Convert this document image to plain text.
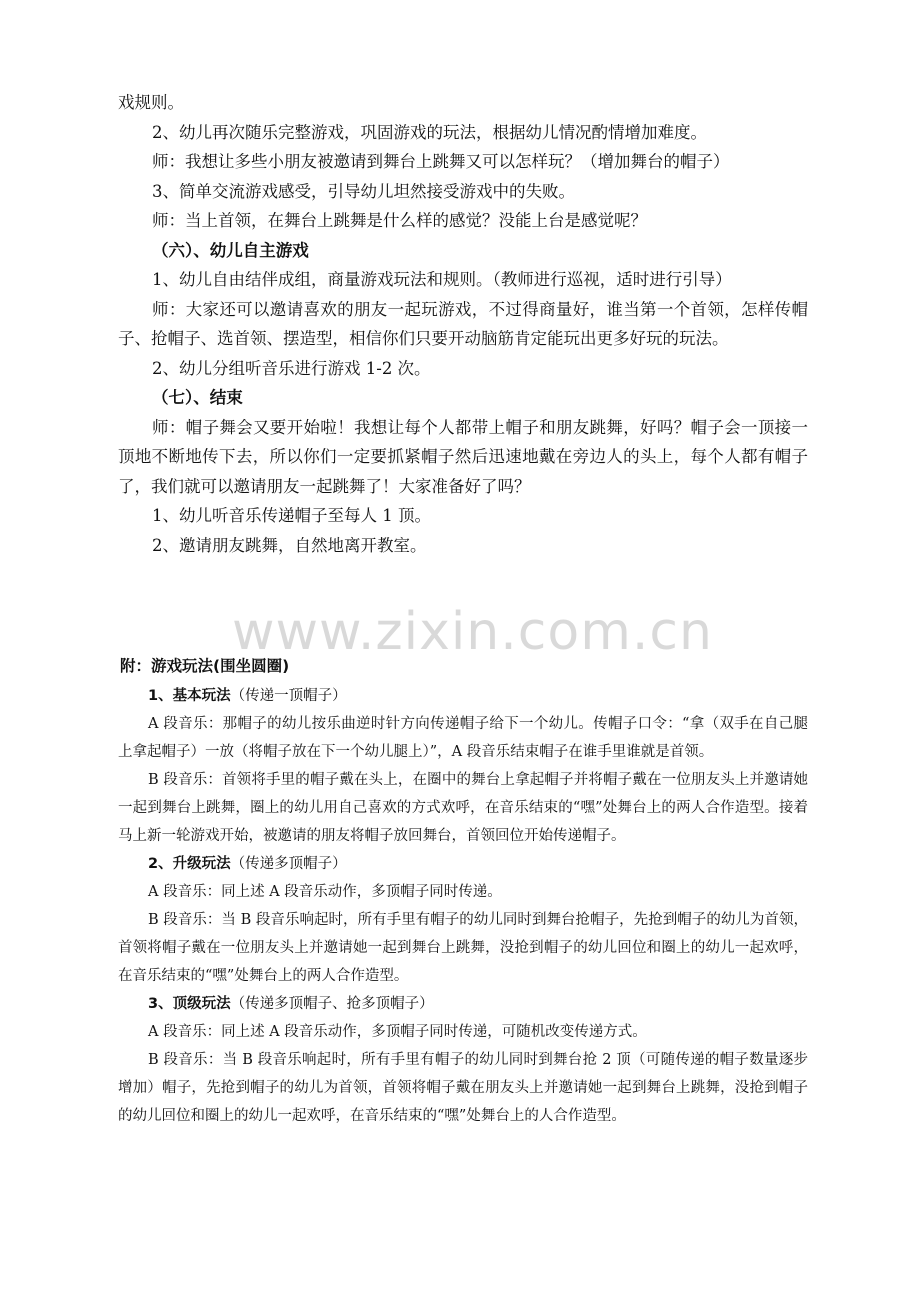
戏规则。

2、幼儿再次随乐完整游戏，巩固游戏的玩法，根据幼儿情况酌情增加难度。

师：我想让多些小朋友被邀请到舞台上跳舞又可以怎样玩？（增加舞台的帽子）

3、简单交流游戏感受，引导幼儿坦然接受游戏中的失败。

师：当上首领，在舞台上跳舞是什么样的感觉？没能上台是感觉呢？

（六）、幼儿自主游戏

1、幼儿自由结伴成组，商量游戏玩法和规则。（教师进行巡视，适时进行引导）

师：大家还可以邀请喜欢的朋友一起玩游戏，不过得商量好，谁当第一个首领，怎样传帽子、抢帽子、选首领、摆造型，相信你们只要开动脑筋肯定能玩出更多好玩的玩法。

2、幼儿分组听音乐进行游戏 1-2 次。

（七）、结束

师：帽子舞会又要开始啦！我想让每个人都带上帽子和朋友跳舞，好吗？帽子会一顶接一顶地不断地传下去，所以你们一定要抓紧帽子然后迅速地戴在旁边人的头上，每个人都有帽子了，我们就可以邀请朋友一起跳舞了！大家准备好了吗？

1、幼儿听音乐传递帽子至每人 1 顶。

2、邀请朋友跳舞，自然地离开教室。

www.zixin.com.cn

附：游戏玩法(围坐圆圈)

1、基本玩法（传递一顶帽子）

A 段音乐：那帽子的幼儿按乐曲逆时针方向传递帽子给下一个幼儿。传帽子口令：“拿（双手在自己腿上拿起帽子）一放（将帽子放在下一个幼儿腿上）”，A 段音乐结束帽子在谁手里谁就是首领。

B 段音乐：首领将手里的帽子戴在头上，在圈中的舞台上拿起帽子并将帽子戴在一位朋友头上并邀请她一起到舞台上跳舞，圈上的幼儿用自己喜欢的方式欢呼，在音乐结束的“嘿”处舞台上的两人合作造型。接着马上新一轮游戏开始，被邀请的朋友将帽子放回舞台，首领回位开始传递帽子。

2、升级玩法（传递多顶帽子）

A 段音乐：同上述 A 段音乐动作，多顶帽子同时传递。

B 段音乐：当 B 段音乐响起时，所有手里有帽子的幼儿同时到舞台抢帽子，先抢到帽子的幼儿为首领，首领将帽子戴在一位朋友头上并邀请她一起到舞台上跳舞，没抢到帽子的幼儿回位和圈上的幼儿一起欢呼，在音乐结束的“嘿”处舞台上的两人合作造型。

3、顶级玩法（传递多顶帽子、抢多顶帽子）

A 段音乐：同上述 A 段音乐动作，多顶帽子同时传递，可随机改变传递方式。

B 段音乐：当 B 段音乐响起时，所有手里有帽子的幼儿同时到舞台抢 2 顶（可随传递的帽子数量逐步增加）帽子，先抢到帽子的幼儿为首领，首领将帽子戴在朋友头上并邀请她一起到舞台上跳舞，没抢到帽子的幼儿回位和圈上的幼儿一起欢呼，在音乐结束的“嘿”处舞台上的人合作造型。
